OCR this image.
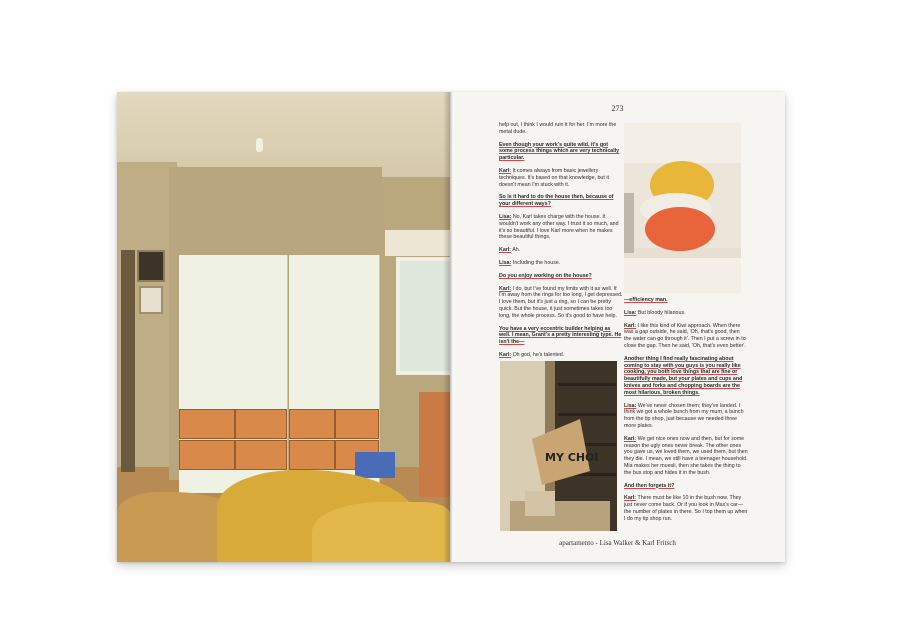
273
help out, I think I would ruin it for her. I'm more the metal dude.
Even though your work's quite wild, it's got some process things which are very technically particular.
Karl: It comes always from basic jewellery techniques. It's based on that knowledge, but it doesn't mean I'm stuck with it.
So is it hard to do the house then, because of your different ways?
Lisa: No, Karl takes charge with the house. It wouldn't work any other way. I trust it so much, and it's so beautiful. I love Karl more when he makes these beautiful things.
Karl: Ah.
Lisa: Including the house.
Do you enjoy working on the house?
Karl: I do, but I've found my limits with it as well. If I'm away from the rings for too long, I get depressed. I love them, but it's just a ring, so I can be pretty quick. But the house, it just sometimes takes too long, the whole process. So it's good to have help.
You have a very eccentric builder helping as well. I mean, Grant's a pretty interesting type. He isn't the—
Karl: Oh god, he's talented.
MY CHOI
—efficiency man.
Lisa: But bloody hilarious.
Karl: I like this kind of Kiwi approach. When there was a gap outside, he said, 'Oh, that's good, then the water can go through it'. Then I put a screw in to close the gap. Then he said, 'Oh, that's even better'.
Another thing I find really fascinating about coming to stay with you guys is you really like cooking, you both love things that are fine or beautifully made, but your plates and cups and knives and forks and chopping boards are the most hilarious, broken things.
Lisa: We've never chosen them; they've landed. I think we got a whole bunch from my mum, a bunch from the tip shop, just because we needed three more plates.
Karl: We get nice ones now and then, but for some reason the ugly ones never break. The other ones you gave us, we loved them, we used them, but then they die. I mean, we still have a teenager household. Mia makes her muesli, then she takes the thing to the bus stop and hides it in the bush.
And then forgets it?
Karl: There must be like 10 in the bush now. They just never come back. Or if you look in Max's car—the number of plates in there. So I top them up when I do my tip shop run.
apartamento - Lisa Walker & Karl Fritsch
